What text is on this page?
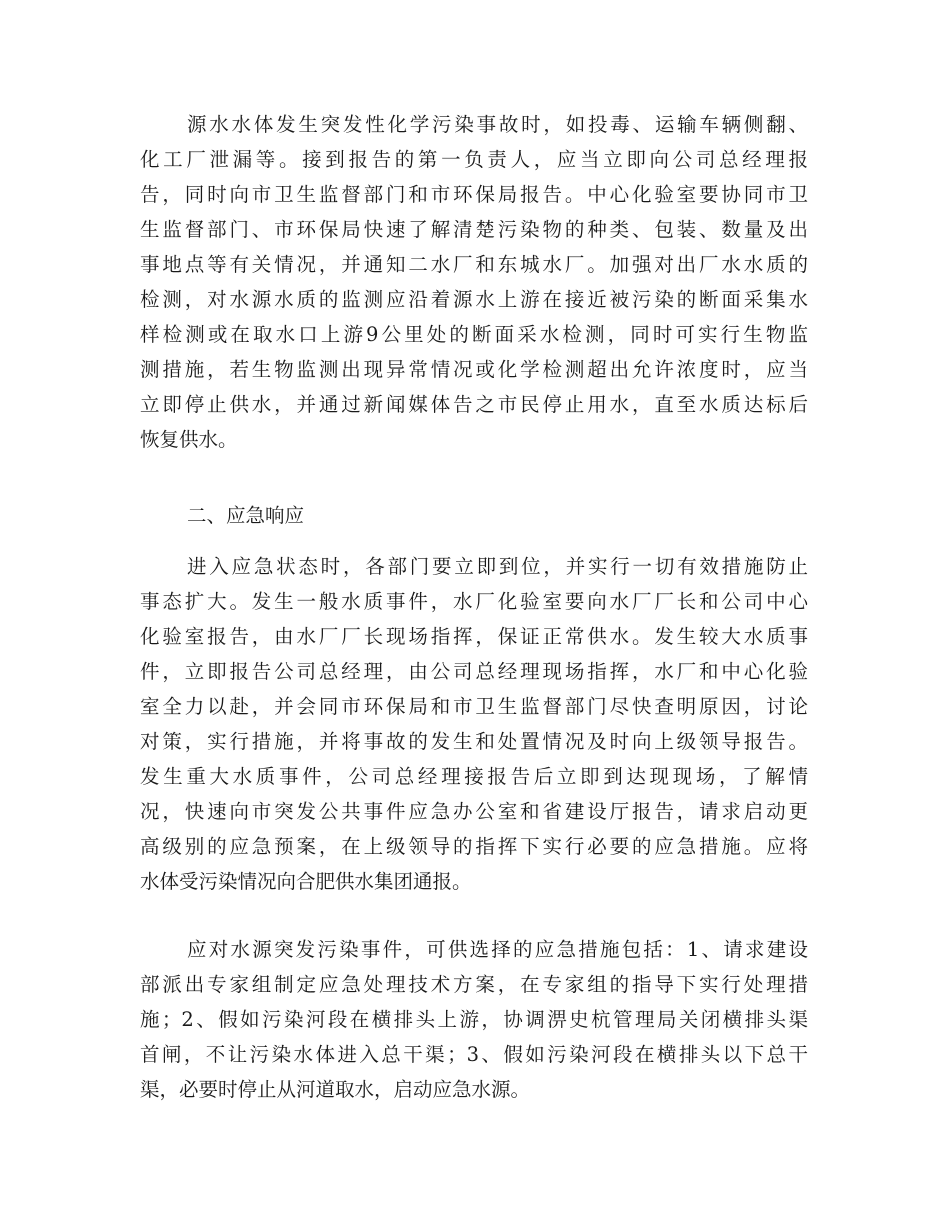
源水水体发生突发性化学污染事故时，如投毒、运输车辆侧翻、
化工厂泄漏等。接到报告的第一负责人，应当立即向公司总经理报
告，同时向市卫生监督部门和市环保局报告。中心化验室要协同市卫
生监督部门、市环保局快速了解清楚污染物的种类、包装、数量及出
事地点等有关情况，并通知二水厂和东城水厂。加强对出厂水水质的
检测，对水源水质的监测应沿着源水上游在接近被污染的断面采集水
样检测或在取水口上游9公里处的断面采水检测，同时可实行生物监
测措施，若生物监测出现异常情况或化学检测超出允许浓度时，应当
立即停止供水，并通过新闻媒体告之市民停止用水，直至水质达标后
恢复供水。

二、应急响应

进入应急状态时，各部门要立即到位，并实行一切有效措施防止
事态扩大。发生一般水质事件，水厂化验室要向水厂厂长和公司中心
化验室报告，由水厂厂长现场指挥，保证正常供水。发生较大水质事
件，立即报告公司总经理，由公司总经理现场指挥，水厂和中心化验
室全力以赴，并会同市环保局和市卫生监督部门尽快查明原因，讨论
对策，实行措施，并将事故的发生和处置情况及时向上级领导报告。
发生重大水质事件，公司总经理接报告后立即到达现现场，了解情
况，快速向市突发公共事件应急办公室和省建设厅报告，请求启动更
高级别的应急预案，在上级领导的指挥下实行必要的应急措施。应将
水体受污染情况向合肥供水集团通报。
应对水源突发污染事件，可供选择的应急措施包括：1、请求建设
部派出专家组制定应急处理技术方案，在专家组的指导下实行处理措
施；2、假如污染河段在横排头上游，协调淠史杭管理局关闭横排头渠
首闸，不让污染水体进入总干渠；3、假如污染河段在横排头以下总干
渠，必要时停止从河道取水，启动应急水源。
